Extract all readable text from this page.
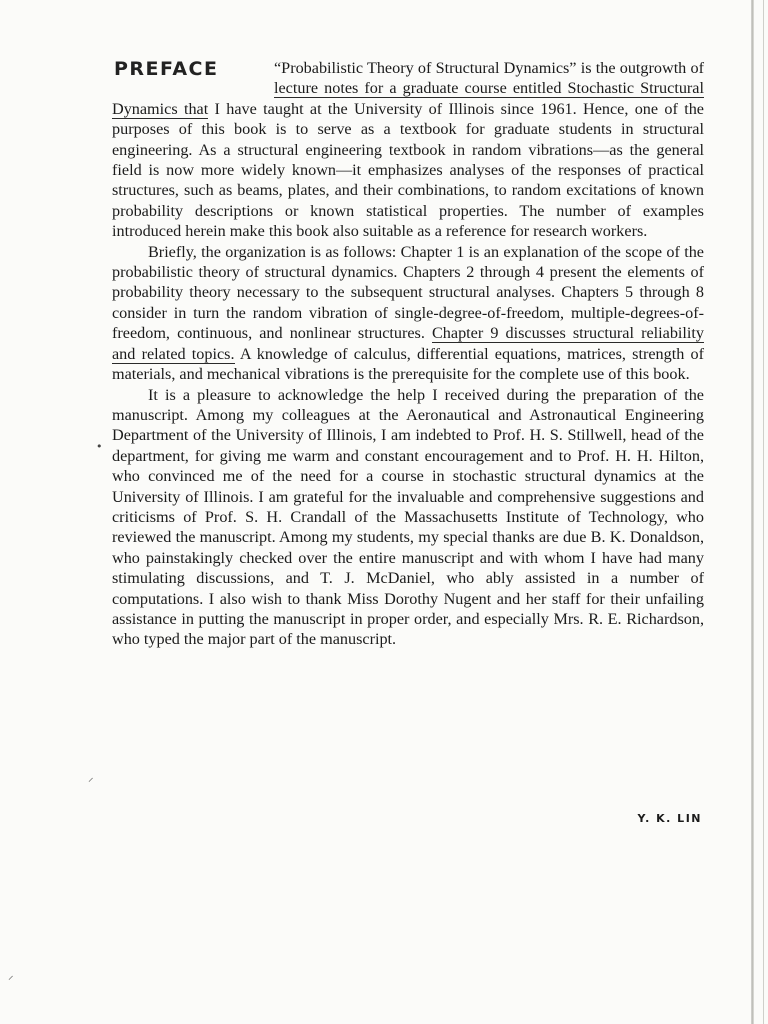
PREFACE	“Probabilistic Theory of Structural Dynamics” is the outgrowth of lecture notes for a graduate course entitled Stochastic Structural Dynamics that I have taught at the University of Illinois since 1961. Hence, one of the purposes of this book is to serve as a textbook for graduate students in structural engineering. As a structural engineering textbook in random vibrations—as the general field is now more widely known—it emphasizes analyses of the responses of practical structures, such as beams, plates, and their combinations, to random excitations of known probability descriptions or known statistical properties. The number of examples introduced herein make this book also suitable as a reference for research workers.

Briefly, the organization is as follows: Chapter 1 is an explanation of the scope of the probabilistic theory of structural dynamics. Chapters 2 through 4 present the elements of probability theory necessary to the subsequent structural analyses. Chapters 5 through 8 consider in turn the random vibration of single-degree-of-freedom, multiple-degrees-of-freedom, continuous, and nonlinear structures. Chapter 9 discusses structural reliability and related topics. A knowledge of calculus, differential equations, matrices, strength of materials, and mechanical vibrations is the prerequisite for the complete use of this book.

It is a pleasure to acknowledge the help I received during the preparation of the manuscript. Among my colleagues at the Aeronautical and Astronautical Engineering Department of the University of Illinois, I am indebted to Prof. H. S. Stillwell, head of the department, for giving me warm and constant encouragement and to Prof. H. H. Hilton, who convinced me of the need for a course in stochastic structural dynamics at the University of Illinois. I am grateful for the invaluable and comprehensive suggestions and criticisms of Prof. S. H. Crandall of the Massachusetts Institute of Technology, who reviewed the manuscript. Among my students, my special thanks are due B. K. Donaldson, who painstakingly checked over the entire manuscript and with whom I have had many stimulating discussions, and T. J. McDaniel, who ably assisted in a number of computations. I also wish to thank Miss Dorothy Nugent and her staff for their unfailing assistance in putting the manuscript in proper order, and especially Mrs. R. E. Richardson, who typed the major part of the manuscript.

Y. K. LIN

•
⸝
⸝
